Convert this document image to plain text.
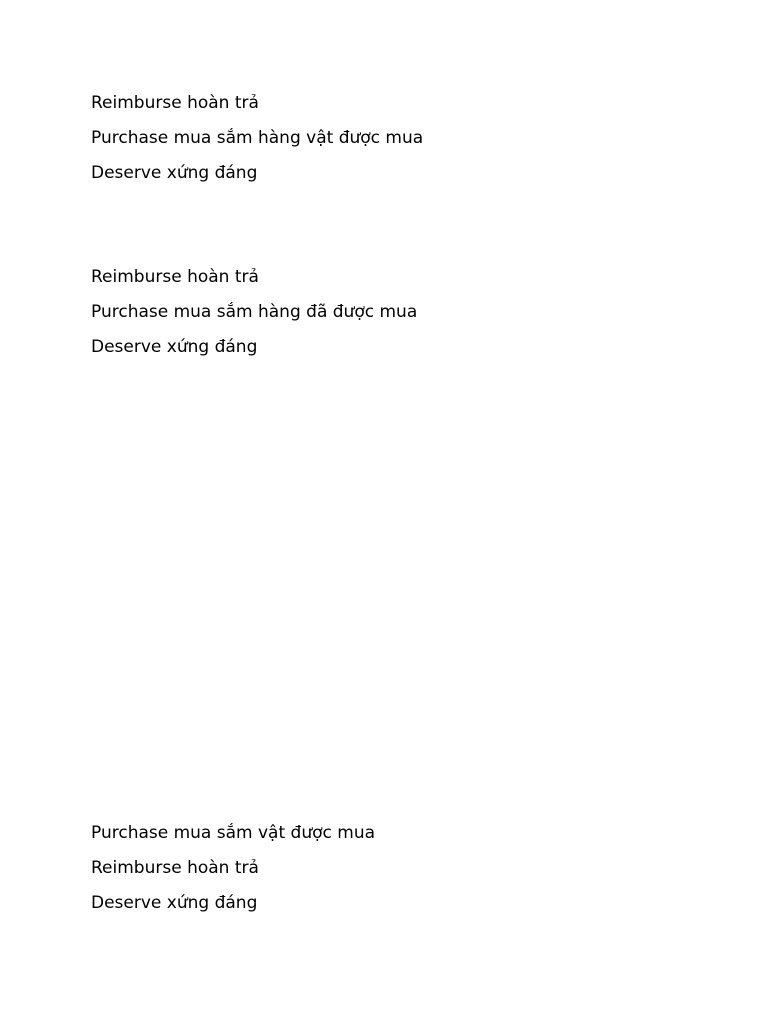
Reimburse hoàn trả
Purchase mua sắm hàng vật được mua
Deserve xứng đáng
Reimburse hoàn trả
Purchase mua sắm hàng đã được mua
Deserve xứng đáng
Purchase mua sắm vật được mua
Reimburse hoàn trả
Deserve xứng đáng
